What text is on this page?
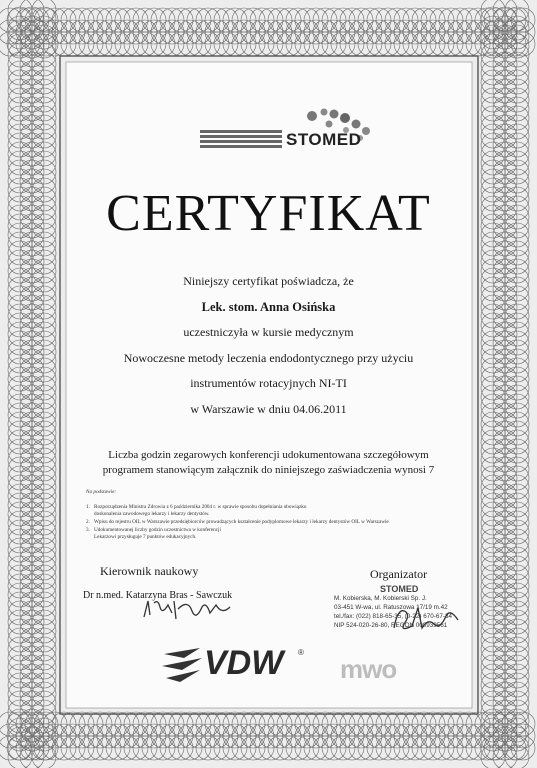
STOMED
CERTYFIKAT
Niniejszy certyfikat poświadcza, że
Lek. stom. Anna Osińska
uczestniczyła w kursie medycznym
Nowoczesne metody leczenia endodontycznego przy użyciu
instrumentów rotacyjnych NI-TI
w Warszawie w dniu 04.06.2011
Liczba godzin zegarowych konferencji udokumentowana szczegółowym
programem stanowiącym załącznik do niniejszego zaświadczenia wynosi 7
Na podstawie:
1. Rozporządzenia Ministra Zdrowia z 6 października 2004 r. w sprawie sposobu dopełniania obowiązku
doskonalenia zawodowego lekarzy i lekarzy dentystów.
2. Wpisu do rejestru OIL w Warszawie przedsiębiorców prowadzących kształcenie podyplomowe lekarzy i lekarzy dentystów OIL w Warszawie
3. Udokumentowanej liczby godzin uczestnictwa w konferencji
Lekarzowi przysługuje 7 punktów edukacyjnych.
Kierownik naukowy
Dr n.med. Katarzyna Bras - Sawczuk
Organizator
STOMED
M. Kobierska, M. Kobierski Sp. J.
03-451 W-wa, ul. Ratuszowa 17/19 m.42
tel./fax: (022) 818-65-35, (0-22) 670-67-34
NIP 524-020-26-80, REGON 008939561
VDW ®
mwo
